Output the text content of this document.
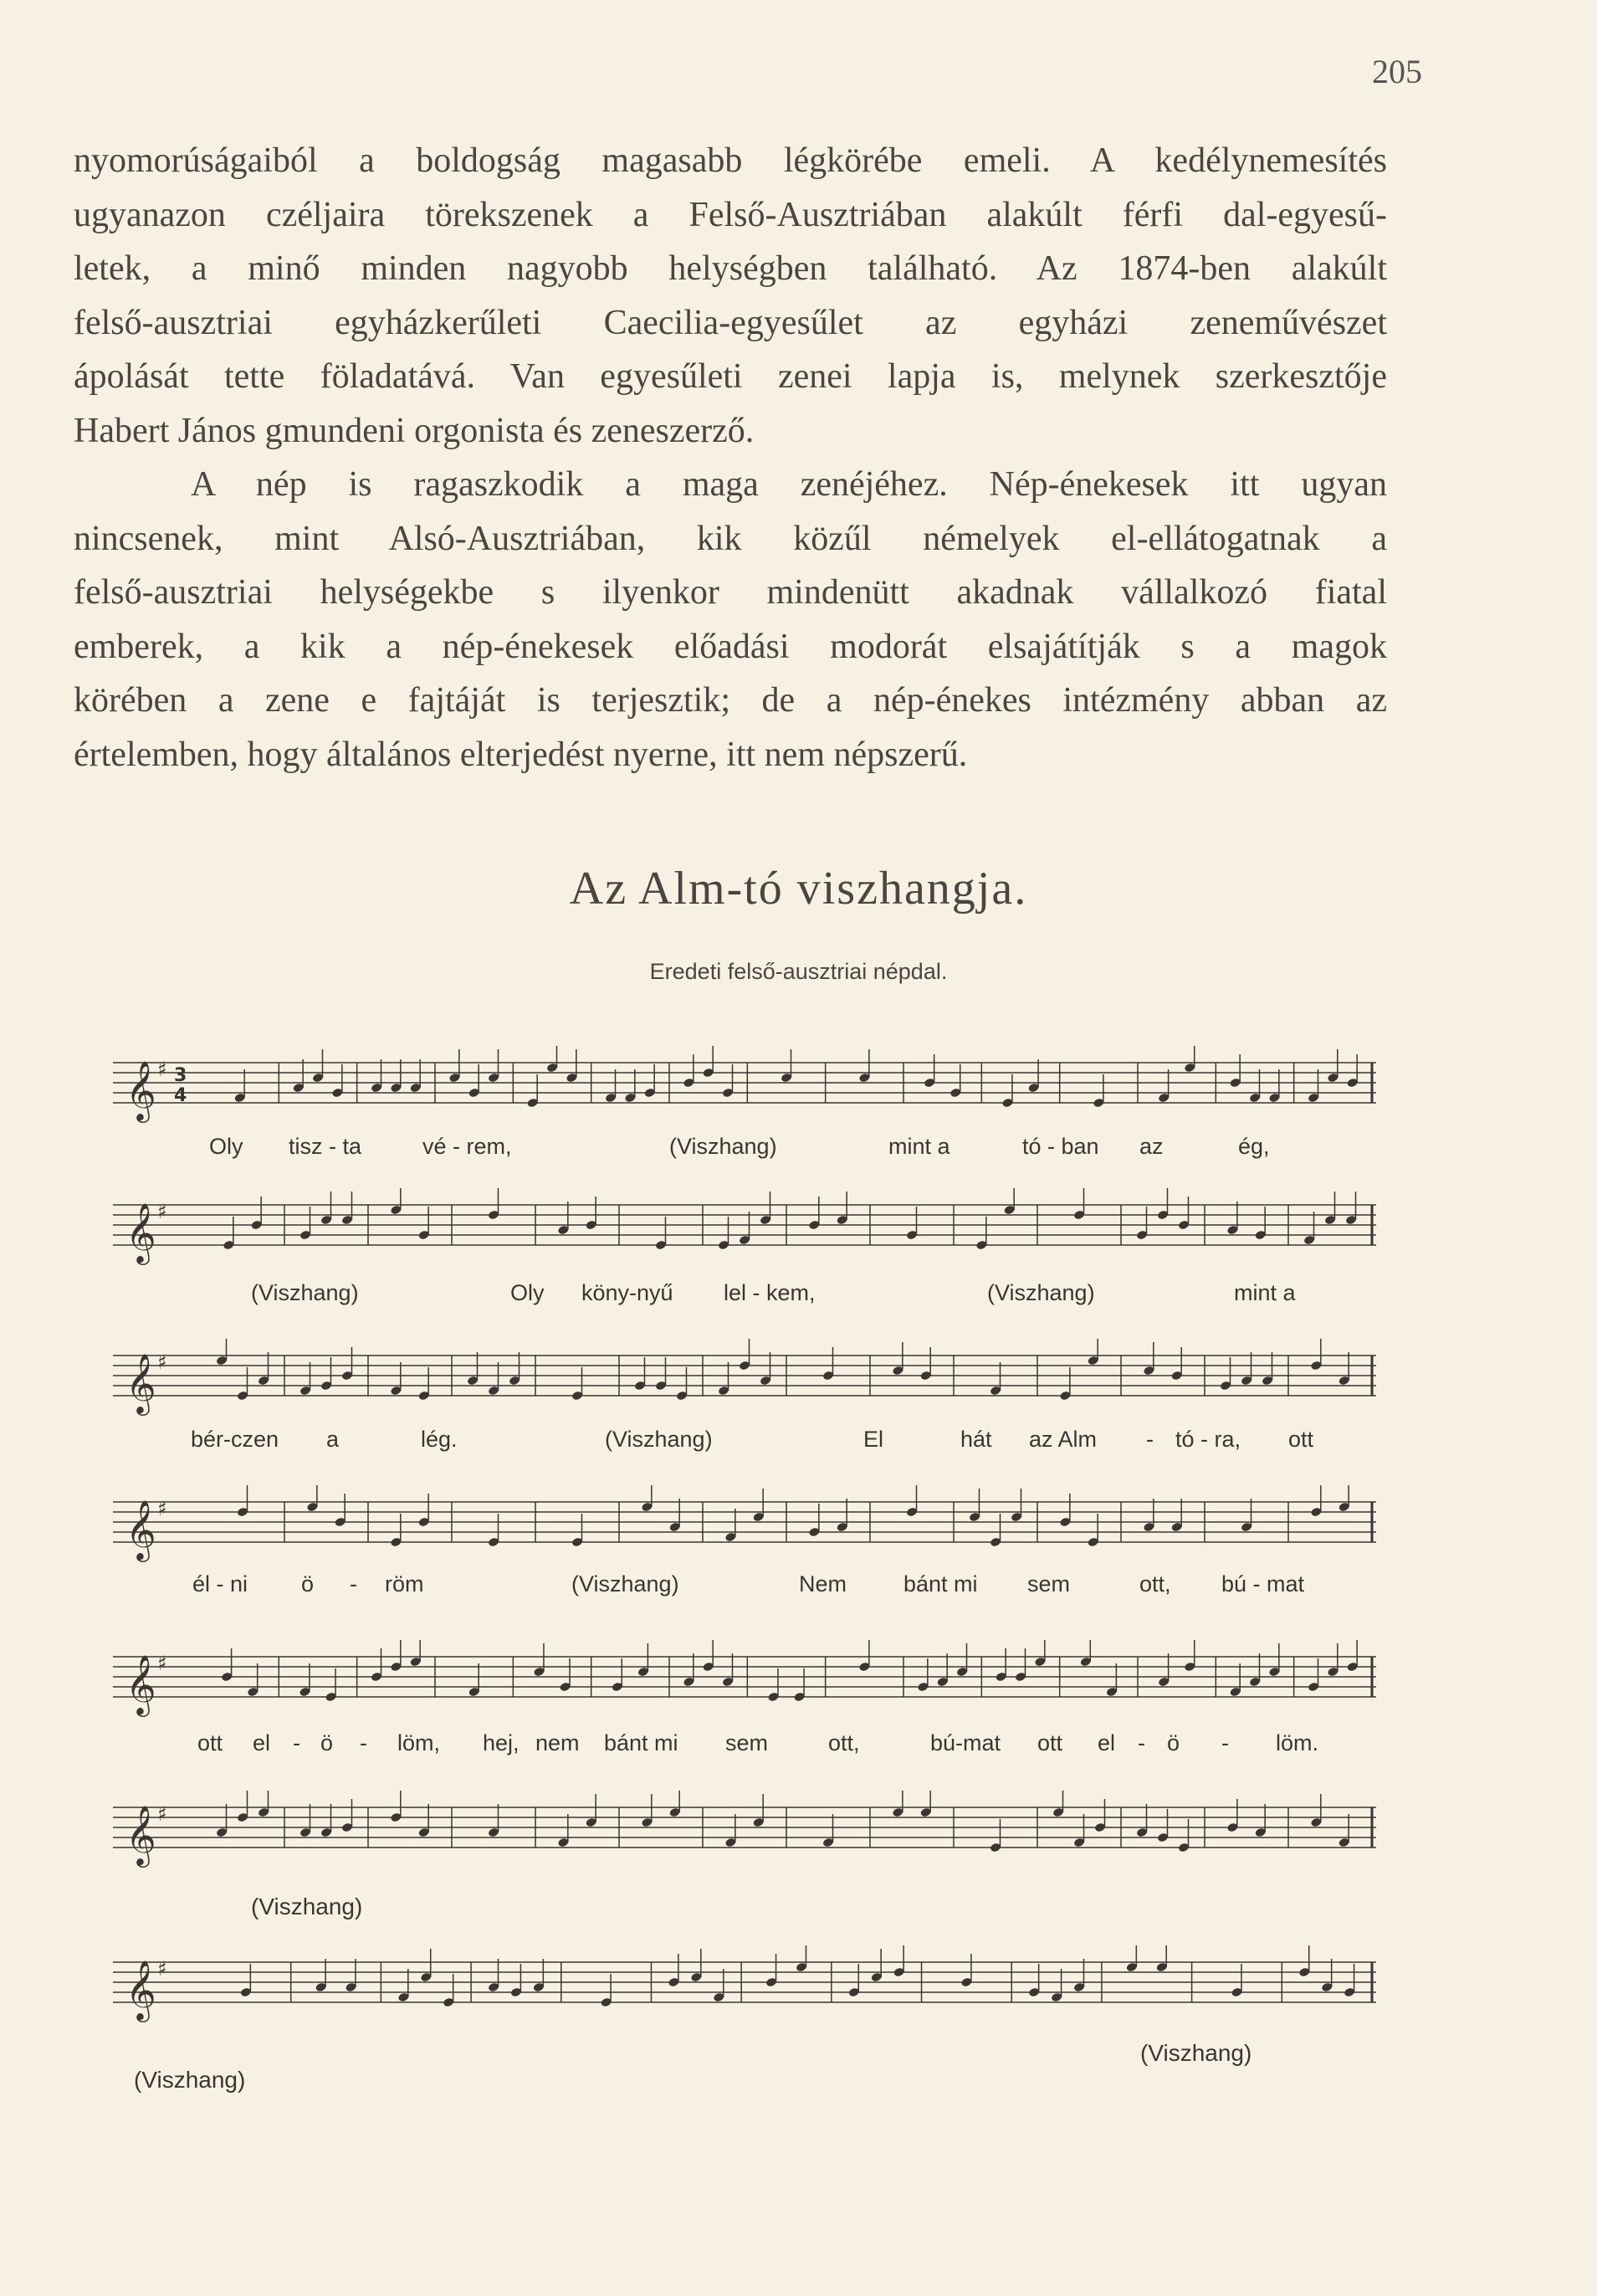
205
nyomorúságaiból a boldogság magasabb légkörébe emeli. A kedélynemesítés
ugyanazon czéljaira törekszenek a Felső-Ausztriában alakúlt férfi dal-egyesű-
letek, a minő minden nagyobb helységben található. Az 1874-ben alakúlt
felső-ausztriai egyházkerűleti Caecilia-egyesűlet az egyházi zeneművészet
ápolását tette föladatává. Van egyesűleti zenei lapja is, melynek szerkesztője
Habert János gmundeni orgonista és zeneszerző.
A nép is ragaszkodik a maga zenéjéhez. Nép-énekesek itt ugyan
nincsenek, mint Alsó-Ausztriában, kik közűl némelyek el-ellátogatnak a
felső-ausztriai helységekbe s ilyenkor mindenütt akadnak vállalkozó fiatal
emberek, a kik a nép-énekesek előadási modorát elsajátítják s a magok
körében a zene e fajtáját is terjesztik; de a nép-énekes intézmény abban az
értelemben, hogy általános elterjedést nyerne, itt nem népszerű.
Az Alm-tó viszhangja.
Eredeti felső-ausztriai népdal.
𝄞 ♯ 3
4
Oly tisz - ta	vé - rem,	(Viszhang)	mint a	tó - ban az	ég,
𝄞 ♯
(Viszhang)	Oly köny-nyű lel - kem,	(Viszhang)	mint a
𝄞 ♯
bér-czen a	lég.	(Viszhang)	El	hát az Alm - tó - ra, ott
𝄞 ♯
él - ni ö - röm	(Viszhang)	Nem	bánt mi sem	ott, bú - mat
𝄞 ♯
ott el - ö - löm, hej, nem bánt mi sem	ott,	bú-mat ott el - ö - löm.
𝄞 ♯
(Viszhang)
𝄞 ♯
(Viszhang)
(Viszhang)
